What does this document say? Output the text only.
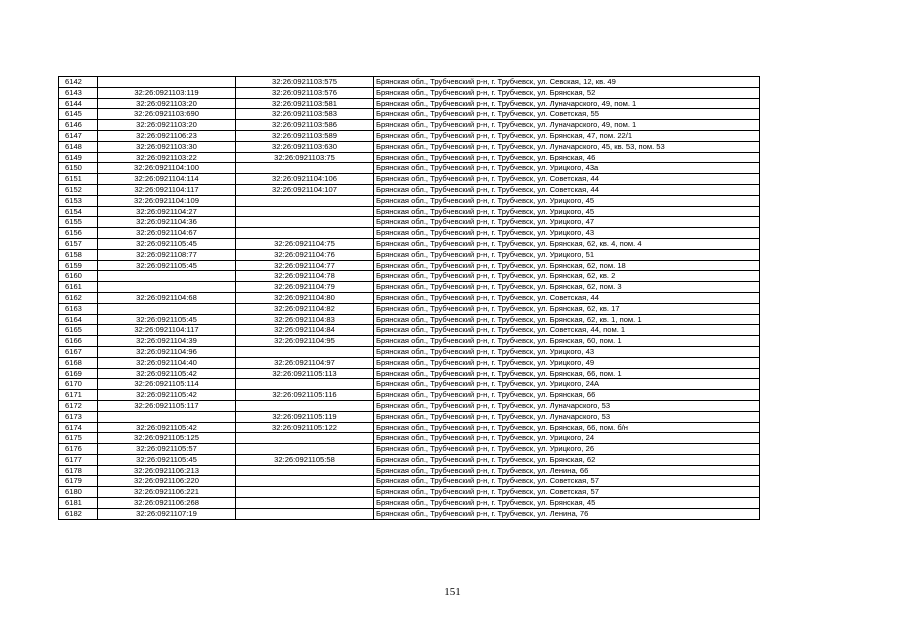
6142		32:26:0921103:575	Брянская обл., Трубчевский р-н, г. Трубчевск, ул. Севская, 12, кв. 49
6143	32:26:0921103:119	32:26:0921103:576	Брянская обл., Трубчевский р-н, г. Трубчевск, ул. Брянская, 52
6144	32:26:0921103:20	32:26:0921103:581	Брянская обл., Трубчевский р-н, г. Трубчевск, ул. Луначарского, 49, пом. 1
6145	32:26:0921103:690	32:26:0921103:583	Брянская обл., Трубчевский р-н, г. Трубчевск, ул. Советская, 55
6146	32:26:0921103:20	32:26:0921103:586	Брянская обл., Трубчевский р-н, г. Трубчевск, ул. Луначарского, 49, пом. 1
6147	32:26:0921106:23	32:26:0921103:589	Брянская обл., Трубчевский р-н, г. Трубчевск, ул. Брянская, 47, пом. 22/1
6148	32:26:0921103:30	32:26:0921103:630	Брянская обл., Трубчевский р-н, г. Трубчевск, ул. Луначарского, 45, кв. 53, пом. 53
6149	32:26:0921103:22	32:26:0921103:75	Брянская обл., Трубчевский р-н, г. Трубчевск, ул. Брянская, 46
6150	32:26:0921104:100		Брянская обл., Трубчевский р-н, г. Трубчевск, ул. Урицкого, 43а
6151	32:26:0921104:114	32:26:0921104:106	Брянская обл., Трубчевский р-н, г. Трубчевск, ул. Советская, 44
6152	32:26:0921104:117	32:26:0921104:107	Брянская обл., Трубчевский р-н, г. Трубчевск, ул. Советская, 44
6153	32:26:0921104:109		Брянская обл., Трубчевский р-н, г. Трубчевск, ул. Урицкого, 45
6154	32:26:0921104:27		Брянская обл., Трубчевский р-н, г. Трубчевск, ул. Урицкого, 45
6155	32:26:0921104:36		Брянская обл., Трубчевский р-н, г. Трубчевск, ул. Урицкого, 47
6156	32:26:0921104:67		Брянская обл., Трубчевский р-н, г. Трубчевск, ул. Урицкого, 43
6157	32:26:0921105:45	32:26:0921104:75	Брянская обл., Трубчевский р-н, г. Трубчевск, ул. Брянская, 62, кв. 4, пом. 4
6158	32:26:0921108:77	32:26:0921104:76	Брянская обл., Трубчевский р-н, г. Трубчевск, ул. Урицкого, 51
6159	32:26:0921105:45	32:26:0921104:77	Брянская обл., Трубчевский р-н, г. Трубчевск, ул. Брянская, 62, пом. 18
6160		32:26:0921104:78	Брянская обл., Трубчевский р-н, г. Трубчевск, ул. Брянская, 62, кв. 2
6161		32:26:0921104:79	Брянская обл., Трубчевский р-н, г. Трубчевск, ул. Брянская, 62, пом. 3
6162	32:26:0921104:68	32:26:0921104:80	Брянская обл., Трубчевский р-н, г. Трубчевск, ул. Советская, 44
6163		32:26:0921104:82	Брянская обл., Трубчевский р-н, г. Трубчевск, ул. Брянская, 62, кв. 17
6164	32:26:0921105:45	32:26:0921104:83	Брянская обл., Трубчевский р-н, г. Трубчевск, ул. Брянская, 62, кв. 1, пом. 1
6165	32:26:0921104:117	32:26:0921104:84	Брянская обл., Трубчевский р-н, г. Трубчевск, ул. Советская, 44, пом. 1
6166	32:26:0921104:39	32:26:0921104:95	Брянская обл., Трубчевский р-н, г. Трубчевск, ул. Брянская, 60, пом. 1
6167	32:26:0921104:96		Брянская обл., Трубчевский р-н, г. Трубчевск, ул. Урицкого, 43
6168	32:26:0921104:40	32:26:0921104:97	Брянская обл., Трубчевский р-н, г. Трубчевск, ул. Урицкого, 49
6169	32:26:0921105:42	32:26:0921105:113	Брянская обл., Трубчевский р-н, г. Трубчевск, ул. Брянская, 66, пом. 1
6170	32:26:0921105:114		Брянская обл., Трубчевский р-н, г. Трубчевск, ул. Урицкого, 24А
6171	32:26:0921105:42	32:26:0921105:116	Брянская обл., Трубчевский р-н, г. Трубчевск, ул. Брянская, 66
6172	32:26:0921105:117		Брянская обл., Трубчевский р-н, г. Трубчевск, ул. Луначарского, 53
6173		32:26:0921105:119	Брянская обл., Трубчевский р-н, г. Трубчевск, ул. Луначарского, 53
6174	32:26:0921105:42	32:26:0921105:122	Брянская обл., Трубчевский р-н, г. Трубчевск, ул. Брянская, 66, пом. б/н
6175	32:26:0921105:125		Брянская обл., Трубчевский р-н, г. Трубчевск, ул. Урицкого, 24
6176	32:26:0921105:57		Брянская обл., Трубчевский р-н, г. Трубчевск, ул. Урицкого, 26
6177	32:26:0921105:45	32:26:0921105:58	Брянская обл., Трубчевский р-н, г. Трубчевск, ул. Брянская, 62
6178	32:26:0921106:213		Брянская обл., Трубчевский р-н, г. Трубчевск, ул. Ленина, 66
6179	32:26:0921106:220		Брянская обл., Трубчевский р-н, г. Трубчевск, ул. Советская, 57
6180	32:26:0921106:221		Брянская обл., Трубчевский р-н, г. Трубчевск, ул. Советская, 57
6181	32:26:0921106:268		Брянская обл., Трубчевский р-н, г. Трубчевск, ул. Брянская, 45
6182	32:26:0921107:19		Брянская обл., Трубчевский р-н, г. Трубчевск, ул. Ленина, 76
151
